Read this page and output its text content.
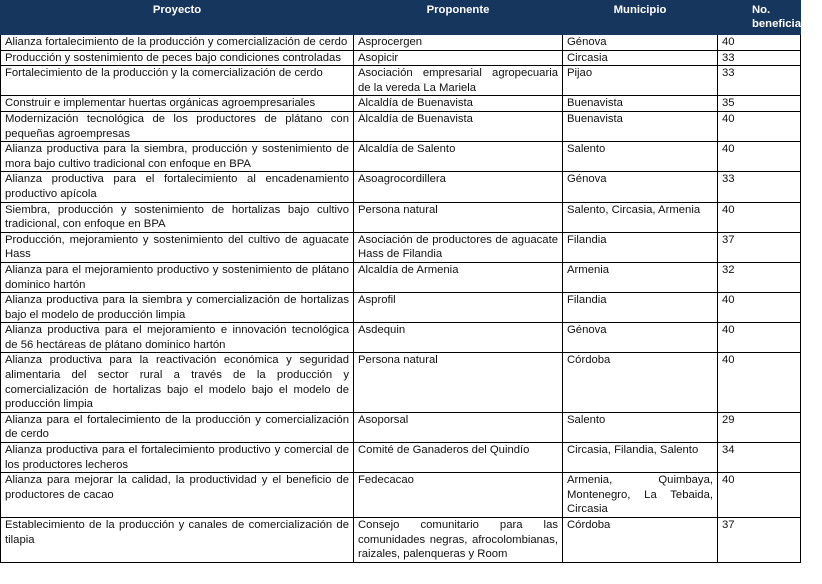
Proyecto	Proponente	Municipio	No. beneficiarios
Alianza fortalecimiento de la producción y comercialización de cerdo	Asprocergen	Génova	40
Producción y sostenimiento de peces bajo condiciones controladas	Asopicir	Circasia	33
Fortalecimiento de la producción y la comercialización de cerdo	Asociación empresarial agropecuaria de la vereda La Mariela	Pijao	33
Construir e implementar huertas orgánicas agroempresariales	Alcaldía de Buenavista	Buenavista	35
Modernización tecnológica de los productores de plátano con pequeñas agroempresas	Alcaldía de Buenavista	Buenavista	40
Alianza productiva para la siembra, producción y sostenimiento de mora bajo cultivo tradicional con enfoque en BPA	Alcaldía de Salento	Salento	40
Alianza productiva para el fortalecimiento al encadenamiento productivo apícola	Asoagrocordillera	Génova	33
Siembra, producción y sostenimiento de hortalizas bajo cultivo tradicional, con enfoque en BPA	Persona natural	Salento, Circasia, Armenia	40
Producción, mejoramiento y sostenimiento del cultivo de aguacate Hass	Asociación de productores de aguacate Hass de Filandia	Filandia	37
Alianza para el mejoramiento productivo y sostenimiento de plátano dominico hartón	Alcaldía de Armenia	Armenia	32
Alianza productiva para la siembra y comercialización de hortalizas bajo el modelo de producción limpia	Asprofil	Filandia	40
Alianza productiva para el mejoramiento e innovación tecnológica de 56 hectáreas de plátano dominico hartón	Asdequin	Génova	40
Alianza productiva para la reactivación económica y seguridad alimentaria del sector rural a través de la producción y comercialización de hortalizas bajo el modelo bajo el modelo de producción limpia	Persona natural	Córdoba	40
Alianza para el fortalecimiento de la producción y comercialización de cerdo	Asoporsal	Salento	29
Alianza productiva para el fortalecimiento productivo y comercial de los productores lecheros	Comité de Ganaderos del Quindío	Circasia, Filandia, Salento	34
Alianza para mejorar la calidad, la productividad y el beneficio de productores de cacao	Fedecacao	Armenia, Quimbaya, Montenegro, La Tebaida, Circasia	40
Establecimiento de la producción y canales de comercialización de tilapia	Consejo comunitario para las comunidades negras, afrocolombianas, raizales, palenqueras y Room	Córdoba	37
